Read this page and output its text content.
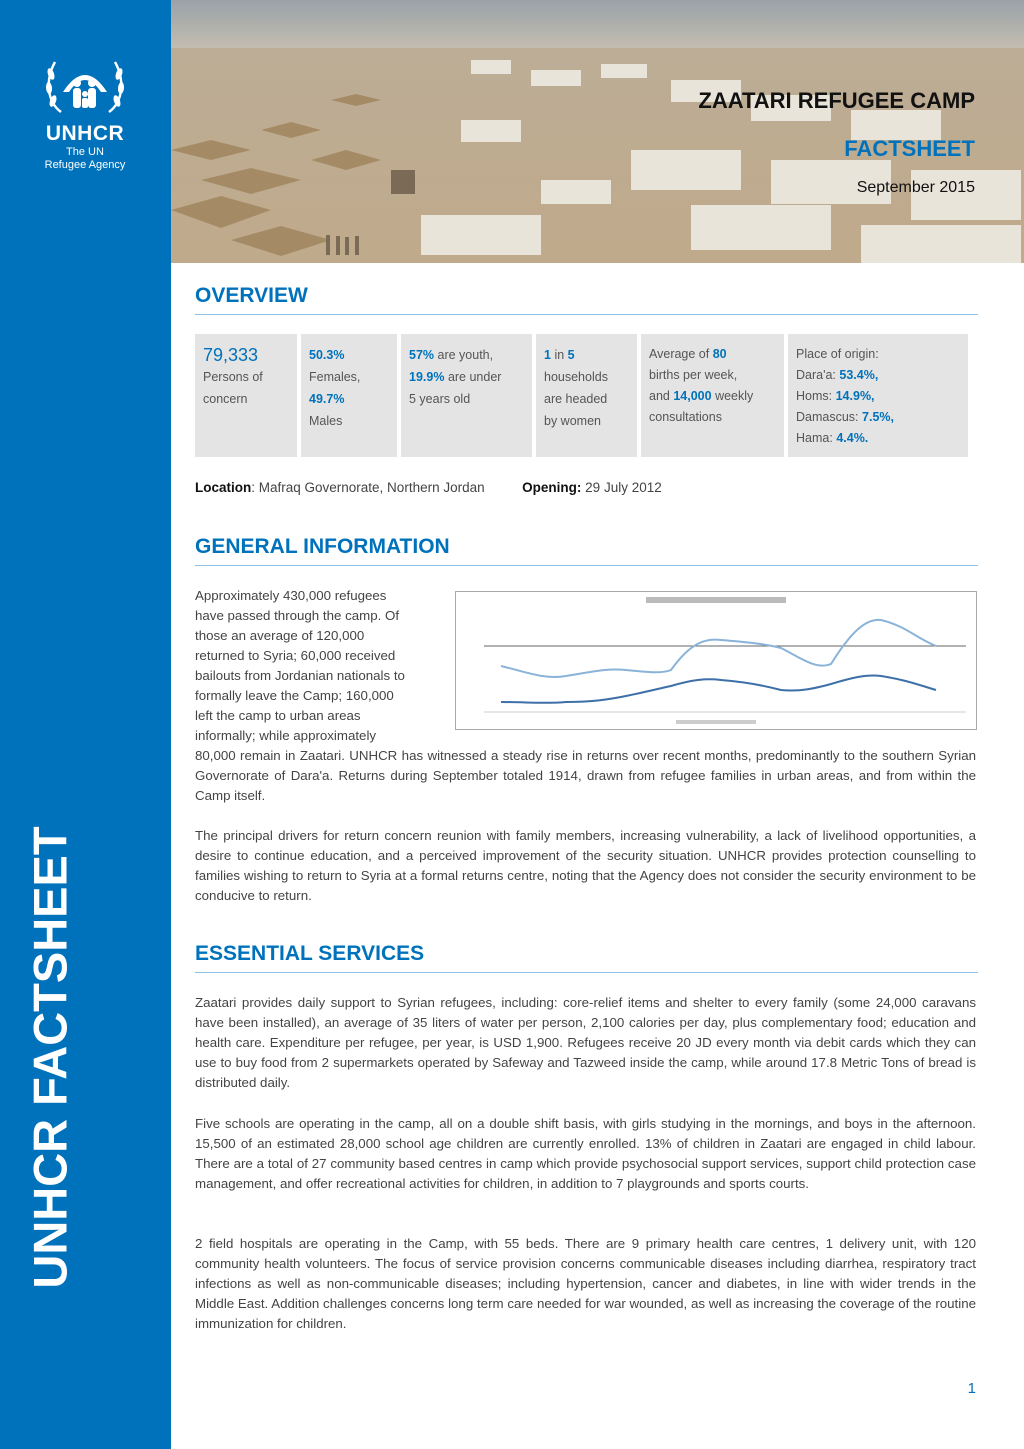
UNHCR
The UN
Refugee Agency
UNHCR FACTSHEET
ZAATARI REFUGEE CAMP
FACTSHEET
September 2015
OVERVIEW
79,333
Persons of
concern
50.3%
Females,
49.7%
Males
57% are youth,
19.9% are under
5 years old
1 in 5
households
are headed
by women
Average of 80
births per week,
and 14,000 weekly
consultations
Place of origin:
Dara'a: 53.4%,
Homs: 14.9%,
Damascus: 7.5%,
Hama: 4.4%.
Location: Mafraq Governorate, Northern Jordan	Opening: 29 July 2012
GENERAL INFORMATION
Approximately 430,000 refugees
have passed through the camp. Of
those an average of 120,000
returned to Syria; 60,000 received
bailouts from Jordanian nationals to
formally leave the Camp; 160,000
left the camp to urban areas
informally; while approximately

80,000 remain in Zaatari. UNHCR has witnessed a steady rise in returns over recent months, predominantly to the southern Syrian Governorate of Dara'a. Returns during September totaled 1914, drawn from refugee families in urban areas, and from within the Camp itself.

The principal drivers for return concern reunion with family members, increasing vulnerability, a lack of livelihood opportunities, a desire to continue education, and a perceived improvement of the security situation. UNHCR provides protection counselling to families wishing to return to Syria at a formal returns centre, noting that the Agency does not consider the security environment to be conducive to return.

ESSENTIAL SERVICES

Zaatari provides daily support to Syrian refugees, including: core-relief items and shelter to every family (some 24,000 caravans have been installed), an average of 35 liters of water per person, 2,100 calories per day, plus complementary food; education and health care. Expenditure per refugee, per year, is USD 1,900. Refugees receive 20 JD every month via debit cards which they can use to buy food from 2 supermarkets operated by Safeway and Tazweed inside the camp, while around 17.8 Metric Tons of bread is distributed daily.

Five schools are operating in the camp, all on a double shift basis, with girls studying in the mornings, and boys in the afternoon. 15,500 of an estimated 28,000 school age children are currently enrolled. 13% of children in Zaatari are engaged in child labour. There are a total of 27 community based centres in camp which provide psychosocial support services, support child protection case management, and offer recreational activities for children, in addition to 7 playgrounds and sports courts.

2 field hospitals are operating in the Camp, with 55 beds. There are 9 primary health care centres, 1 delivery unit, with 120 community health volunteers. The focus of service provision concerns communicable diseases including diarrhea, respiratory tract infections as well as non-communicable diseases; including hypertension, cancer and diabetes, in line with wider trends in the Middle East. Addition challenges concerns long term care needed for war wounded, as well as increasing the coverage of the routine immunization for children.

1
